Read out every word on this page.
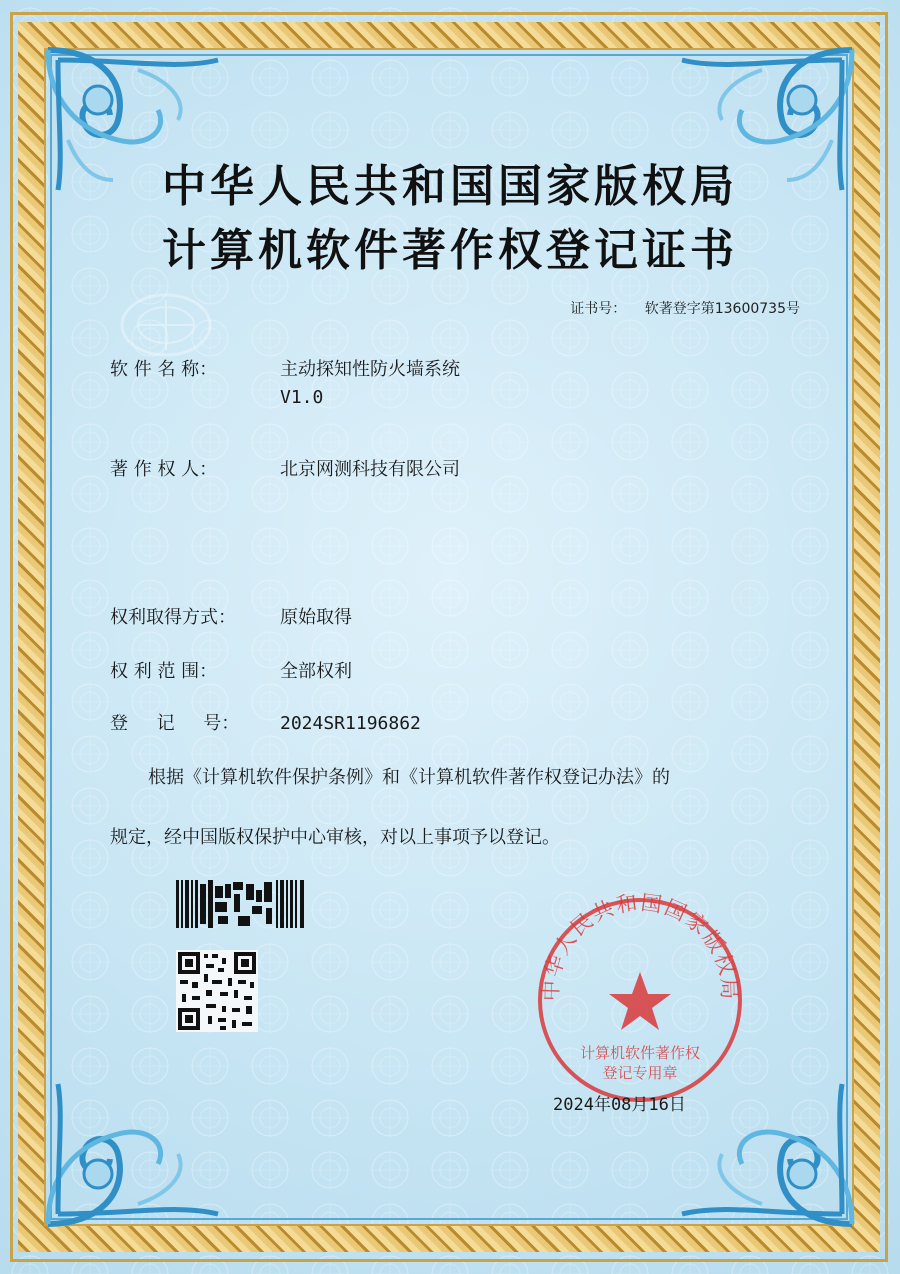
中华人民共和国国家版权局
计算机软件著作权登记证书
证书号： 软著登字第13600735号
软 件 名 称：	主动探知性防火墙系统
V1.0
著 作 权 人：	北京网测科技有限公司
权利取得方式： 原始取得
权 利 范 围：	全部权利
登     记     号： 2024SR1196862
根据《计算机软件保护条例》和《计算机软件著作权登记办法》的
规定，经中国版权保护中心审核，对以上事项予以登记。
中华人民共和国国家版权局
计算机软件著作权
登记专用章
2024年08月16日
